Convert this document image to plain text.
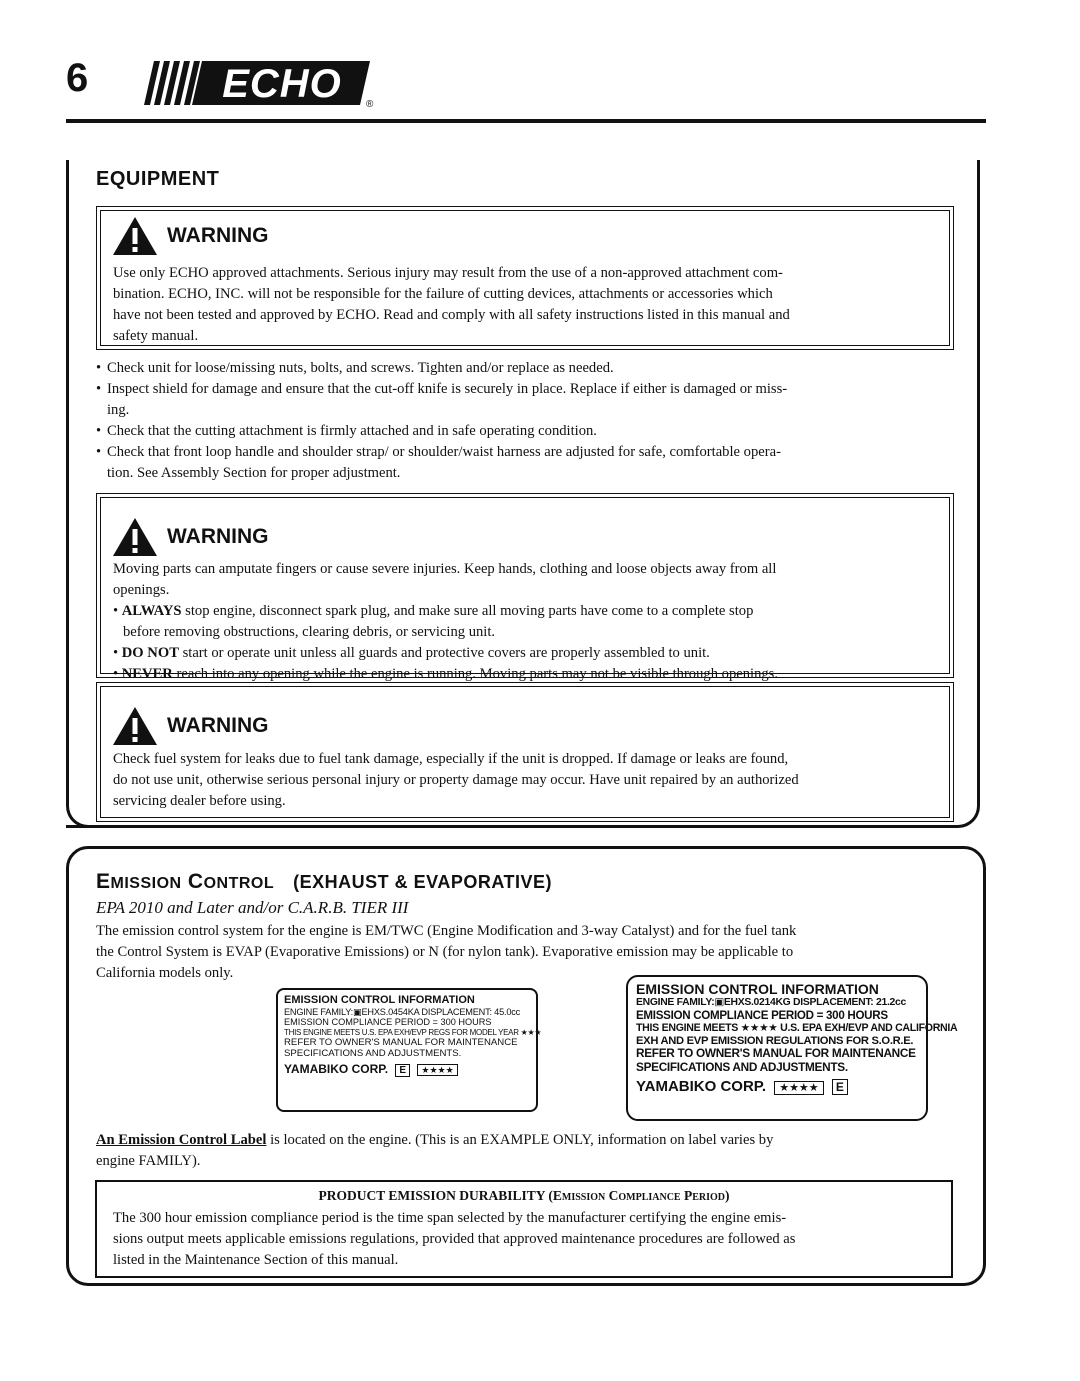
6	ECHO ®
EQUIPMENT
WARNING
Use only ECHO approved attachments. Serious injury may result from the use of a non-approved attachment com-
bination. ECHO, INC. will not be responsible for the failure of cutting devices, attachments or accessories which
have not been tested and approved by ECHO. Read and comply with all safety instructions listed in this manual and
safety manual.
• Check unit for loose/missing nuts, bolts, and screws. Tighten and/or replace as needed.
• Inspect shield for damage and ensure that the cut-off knife is securely in place. Replace if either is damaged or miss-
ing.
• Check that the cutting attachment is firmly attached and in safe operating condition.
• Check that front loop handle and shoulder strap/ or shoulder/waist harness are adjusted for safe, comfortable opera-
tion. See Assembly Section for proper adjustment.
WARNING
Moving parts can amputate fingers or cause severe injuries. Keep hands, clothing and loose objects away from all
openings.
• ALWAYS stop engine, disconnect spark plug, and make sure all moving parts have come to a complete stop
before removing obstructions, clearing debris, or servicing unit.
• DO NOT start or operate unit unless all guards and protective covers are properly assembled to unit.
• NEVER reach into any opening while the engine is running. Moving parts may not be visible through openings.
WARNING
Check fuel system for leaks due to fuel tank damage, especially if the unit is dropped. If damage or leaks are found,
do not use unit, otherwise serious personal injury or property damage may occur. Have unit repaired by an authorized
servicing dealer before using.
EMISSION CONTROL (EXHAUST & EVAPORATIVE)
EPA 2010 and Later and/or C.A.R.B. TIER III
The emission control system for the engine is EM/TWC (Engine Modification and 3-way Catalyst) and for the fuel tank
the Control System is EVAP (Evaporative Emissions) or N (for nylon tank). Evaporative emission may be applicable to
California models only.
EMISSION CONTROL INFORMATION
ENGINE FAMILY:▣EHXS.0454KA DISPLACEMENT: 45.0cc
EMISSION COMPLIANCE PERIOD = 300 HOURS
THIS ENGINE MEETS U.S. EPA EXH/EVP REGS FOR MODEL YEAR ★★★
REFER TO OWNER'S MANUAL FOR MAINTENANCE
SPECIFICATIONS AND ADJUSTMENTS.
YAMABIKO CORP. E ★★★★
EMISSION CONTROL INFORMATION
ENGINE FAMILY:▣EHXS.0214KG DISPLACEMENT: 21.2cc
EMISSION COMPLIANCE PERIOD = 300 HOURS
THIS ENGINE MEETS ★★★★ U.S. EPA EXH/EVP AND CALIFORNIA
EXH AND EVP EMISSION REGULATIONS FOR S.O.R.E.
REFER TO OWNER'S MANUAL FOR MAINTENANCE
SPECIFICATIONS AND ADJUSTMENTS.
YAMABIKO CORP. ★★★★ E
An Emission Control Label is located on the engine. (This is an EXAMPLE ONLY, information on label varies by
engine FAMILY).
PRODUCT EMISSION DURABILITY (EMISSION COMPLIANCE PERIOD)
The 300 hour emission compliance period is the time span selected by the manufacturer certifying the engine emis-
sions output meets applicable emissions regulations, provided that approved maintenance procedures are followed as
listed in the Maintenance Section of this manual.
